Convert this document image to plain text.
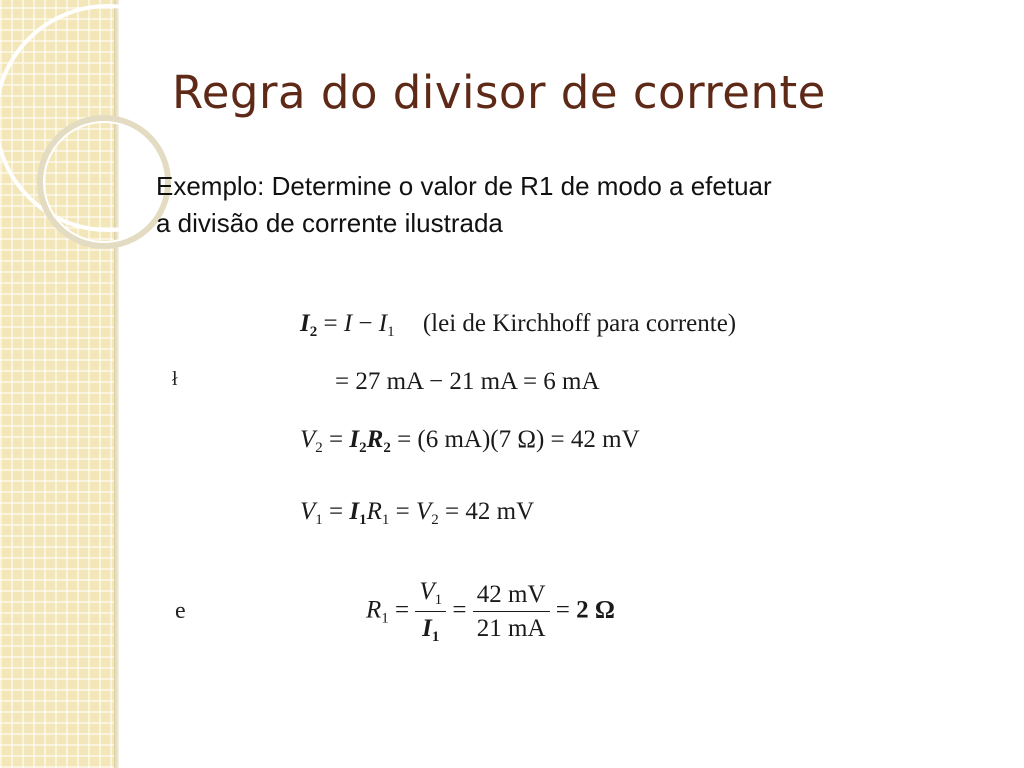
Regra do divisor de corrente
Exemplo: Determine o valor de R1 de modo a efetuar
a divisão de corrente ilustrada
ł
e
$I_2 = I - I_1$ (lei de Kirchhoff para corrente)
= 27 mA − 21 mA = 6 mA
$V_2 = I_2R_2 = (6$ mA)(7 Ω) = 42 mV
$V_1 = I_1R_1 = V_2 = 42$ mV
$R_1 = \frac{V_1}{I_1} = \frac{42 mV}{21 mA} = 2$ Ω
